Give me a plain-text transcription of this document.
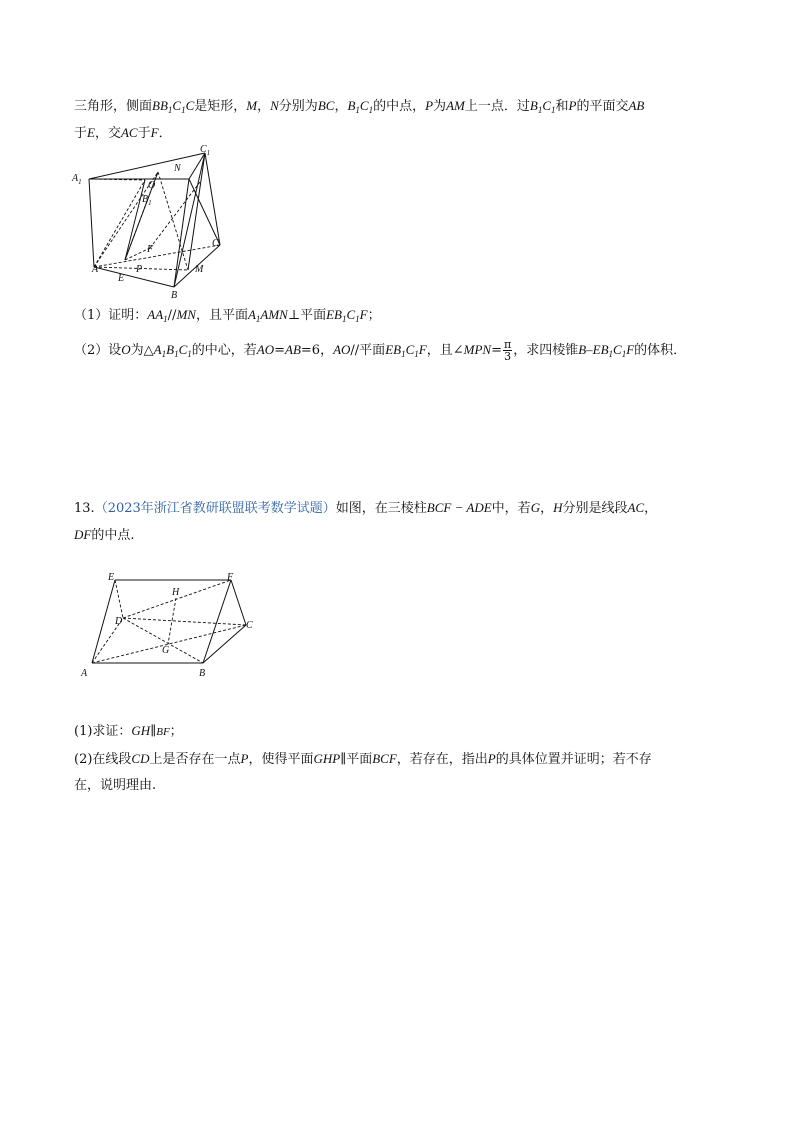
三角形，侧面$BB_1C_1C$是矩形，M，N分别为BC，$B_1C_1$的中点，P为AM上一点．过$B_1C_1$和P的平面交AB
于E，交AC于F．
$A_1$
$C_1$
N
O
$B_1$
F
C
A	P	M
E
B
（1）证明：$AA_1//MN$，且平面$A_1AMN\perp$平面$EB_1C_1F$；
（2）设O为$\triangle A_1B_1C_1$的中心，若AO=AB=6，AO//平面$EB_1C_1F$，且∠MPN= $\frac{\pi}{3}$ ，求四棱锥$B-EB_1C_1F$的体积．
13.（2023年浙江省教研联盟联考数学试题）如图，在三棱柱BCF − ADE中，若G，H分别是线段AC，
DF的中点.
E	F
H
D	C
G
A	B
(1)求证：GH∥BF；
(2)在线段CD上是否存在一点P，使得平面GHP∥平面BCF，若存在，指出P的具体位置并证明；若不存
在，说明理由.
